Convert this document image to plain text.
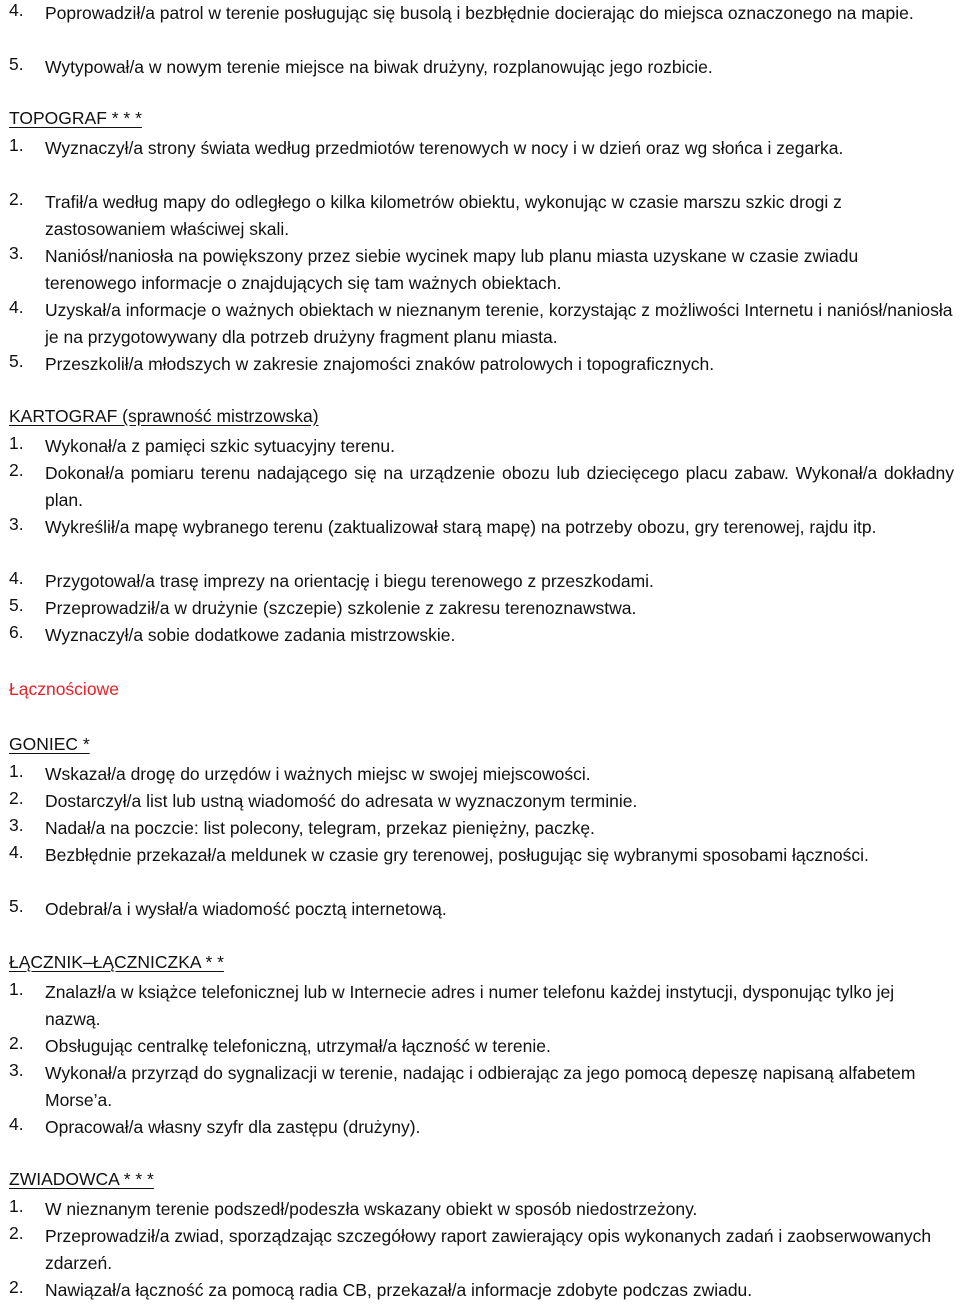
4. Poprowadził/a patrol w terenie posługując się busolą i bezbłędnie docierając do miejsca oznaczonego na mapie.
5. Wytypował/a w nowym terenie miejsce na biwak drużyny, rozplanowując jego rozbicie.
TOPOGRAF * * *
1. Wyznaczył/a strony świata według przedmiotów terenowych w nocy i w dzień oraz wg słońca i zegarka.
2. Trafił/a według mapy do odległego o kilka kilometrów obiektu, wykonując w czasie marszu szkic drogi z zastosowaniem właściwej skali.
3. Naniósł/naniosła na powiększony przez siebie wycinek mapy lub planu miasta uzyskane w czasie zwiadu terenowego informacje o znajdujących się tam ważnych obiektach.
4. Uzyskał/a informacje o ważnych obiektach w nieznanym terenie, korzystając z możliwości Internetu i naniósł/naniosła je na przygotowywany dla potrzeb drużyny fragment planu miasta.
5. Przeszkolił/a młodszych w zakresie znajomości znaków patrolowych i topograficznych.
KARTOGRAF (sprawność mistrzowska)
1. Wykonał/a z pamięci szkic sytuacyjny terenu.
2. Dokonał/a pomiaru terenu nadającego się na urządzenie obozu lub dziecięcego placu zabaw. Wykonał/a dokładny plan.
3. Wykreślił/a mapę wybranego terenu (zaktualizował starą mapę) na potrzeby obozu, gry terenowej, rajdu itp.
4. Przygotował/a trasę imprezy na orientację i biegu terenowego z przeszkodami.
5. Przeprowadził/a w drużynie (szczepie) szkolenie z zakresu terenoznawstwa.
6. Wyznaczył/a sobie dodatkowe zadania mistrzowskie.
Łącznościowe
GONIEC *
1. Wskazał/a drogę do urzędów i ważnych miejsc w swojej miejscowości.
2. Dostarczył/a list lub ustną wiadomość do adresata w wyznaczonym terminie.
3. Nadał/a na poczcie: list polecony, telegram, przekaz pieniężny, paczkę.
4. Bezbłędnie przekazał/a meldunek w czasie gry terenowej, posługując się wybranymi sposobami łączności.
5. Odebrał/a i wysłał/a wiadomość pocztą internetową.
ŁĄCZNIK–ŁĄCZNICZKA * *
1. Znalazł/a w książce telefonicznej lub w Internecie adres i numer telefonu każdej instytucji, dysponując tylko jej nazwą.
2. Obsługując centralkę telefoniczną, utrzymał/a łączność w terenie.
3. Wykonał/a przyrząd do sygnalizacji w terenie, nadając i odbierając za jego pomocą depeszę napisaną alfabetem Morse’a.
4. Opracował/a własny szyfr dla zastępu (drużyny).
ZWIADOWCA * * *
1. W nieznanym terenie podszedł/podeszła wskazany obiekt w sposób niedostrzeżony.
2. Przeprowadził/a zwiad, sporządzając szczegółowy raport zawierający opis wykonanych zadań i zaobserwowanych zdarzeń.
2. Nawiązał/a łączność za pomocą radia CB, przekazał/a informacje zdobyte podczas zwiadu.
